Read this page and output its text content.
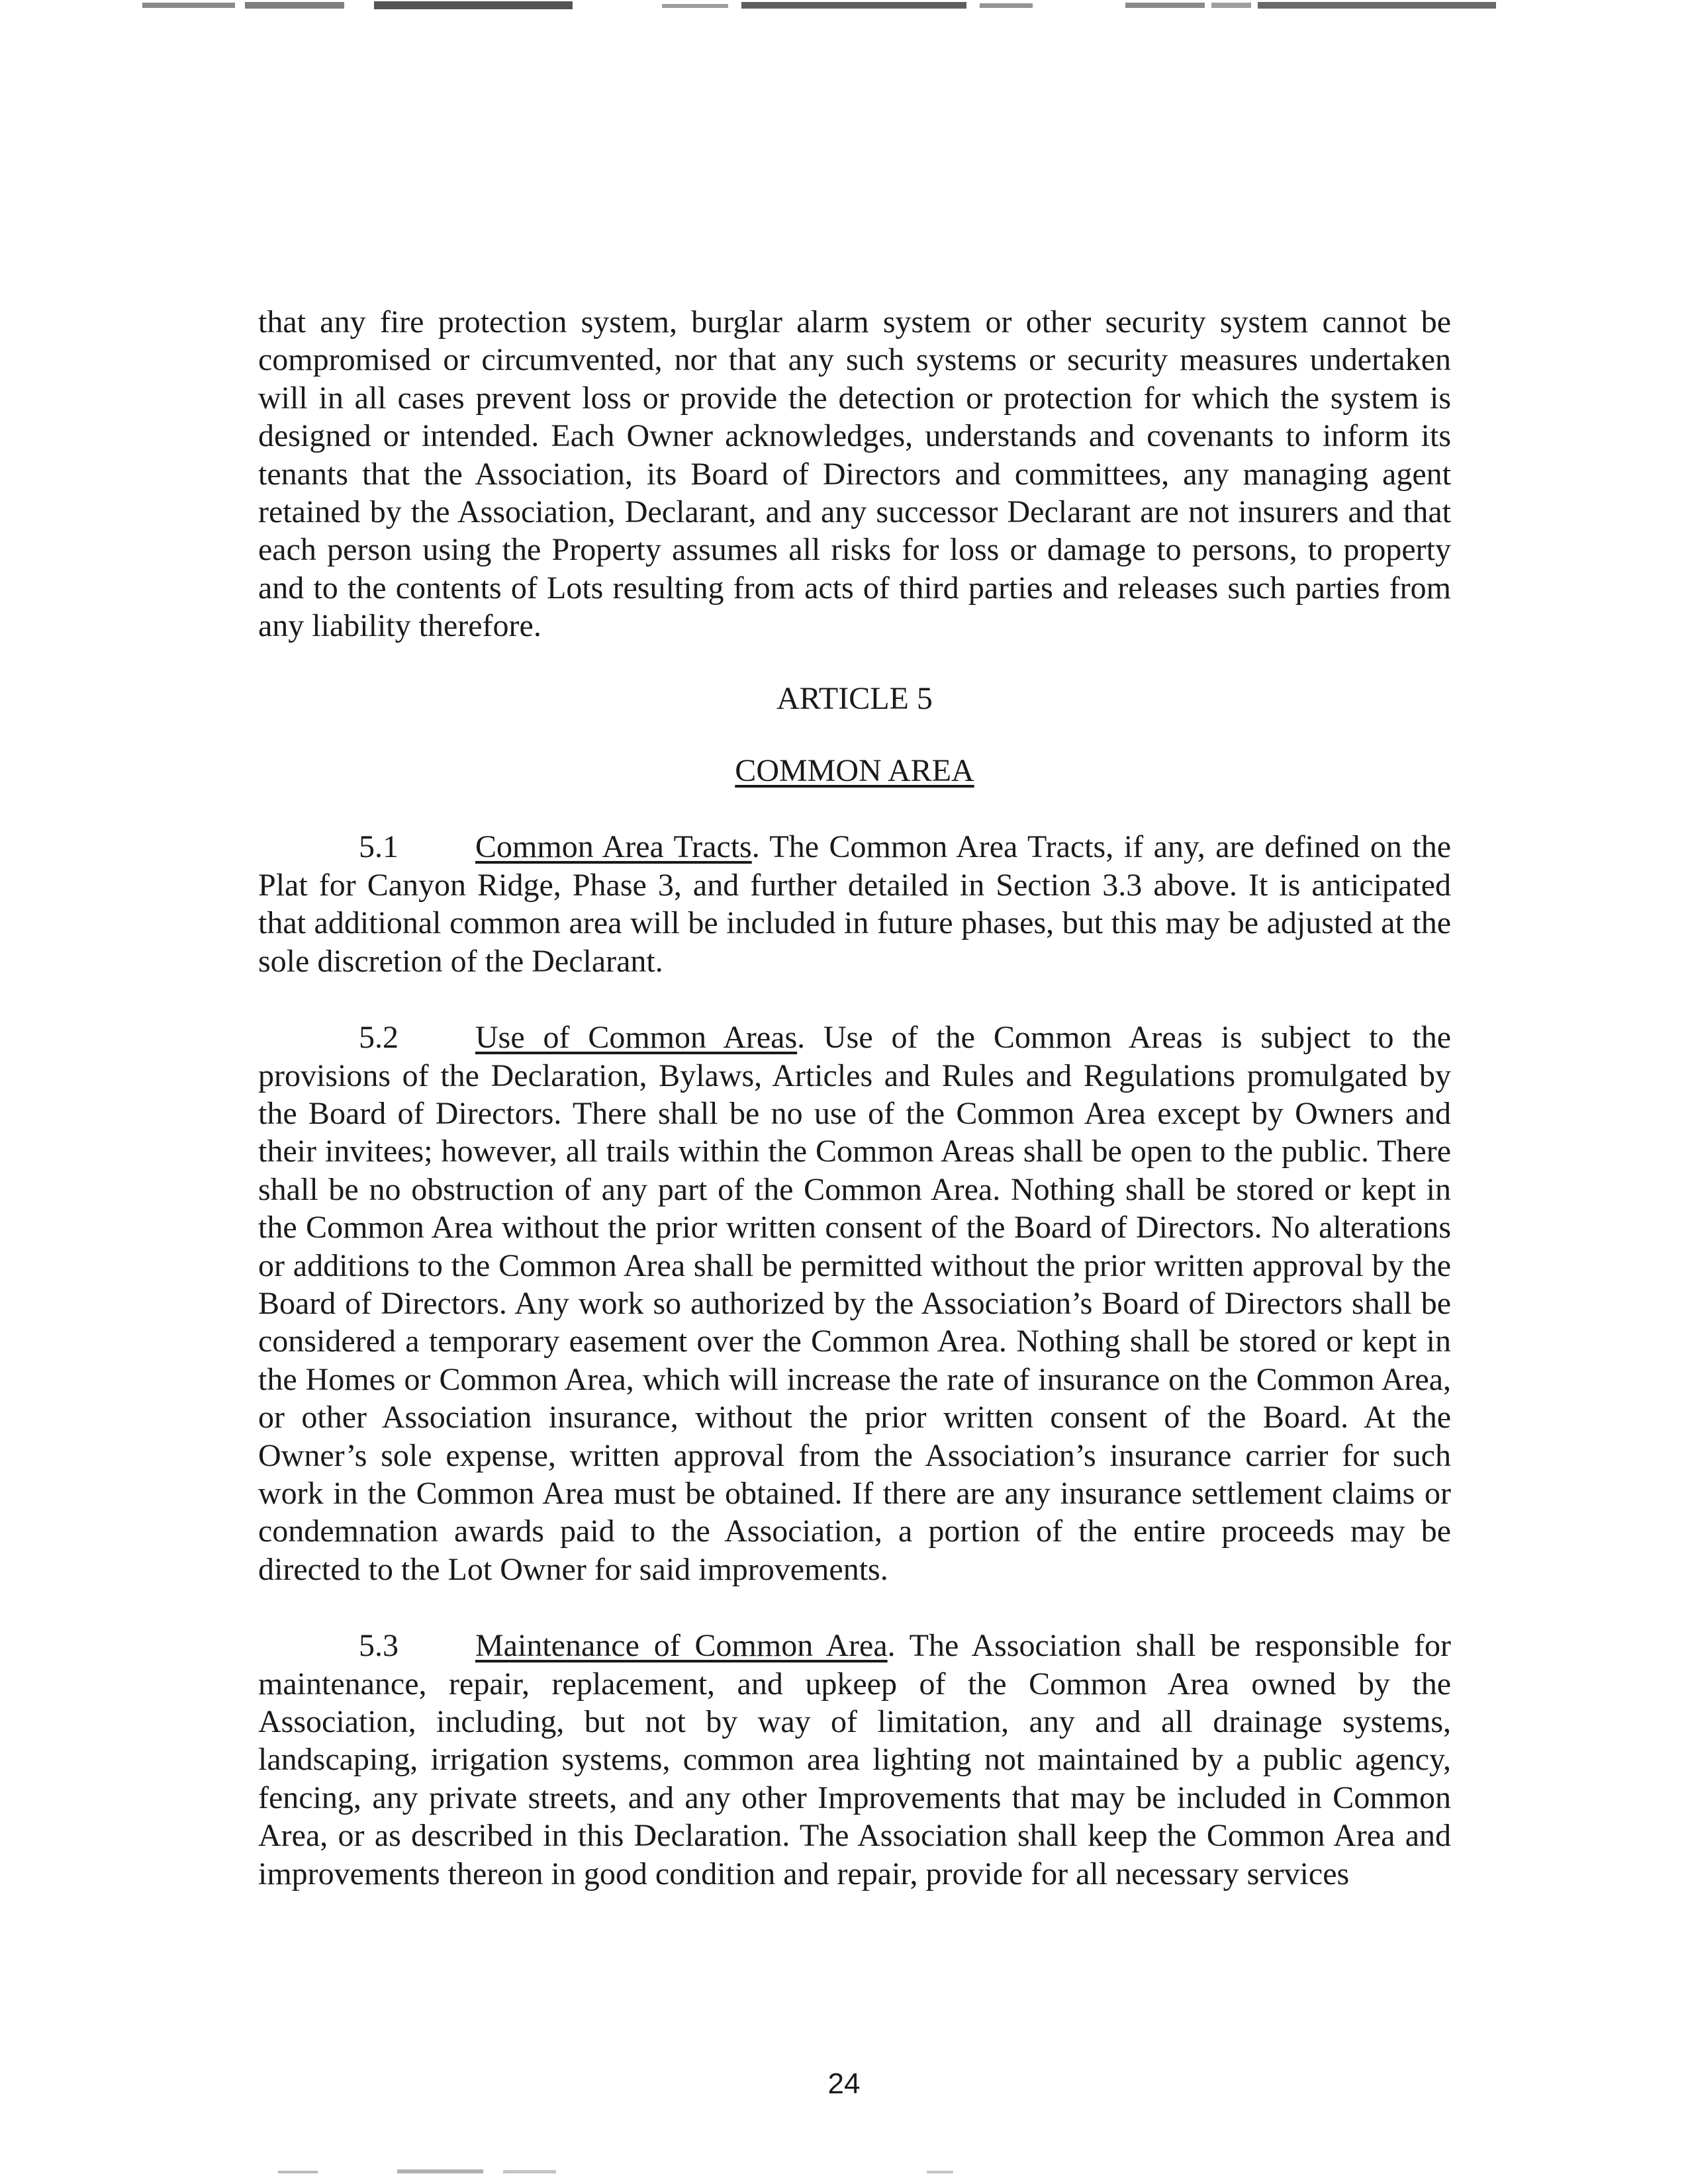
that any fire protection system, burglar alarm system or other security system cannot be compromised or circumvented, nor that any such systems or security measures undertaken will in all cases prevent loss or provide the detection or protection for which the system is designed or intended. Each Owner acknowledges, understands and covenants to inform its tenants that the Association, its Board of Directors and committees, any managing agent retained by the Association, Declarant, and any successor Declarant are not insurers and that each person using the Property assumes all risks for loss or damage to persons, to property and to the contents of Lots resulting from acts of third parties and releases such parties from any liability therefore.

ARTICLE 5
COMMON AREA

5.1 Common Area Tracts. The Common Area Tracts, if any, are defined on the Plat for Canyon Ridge, Phase 3, and further detailed in Section 3.3 above. It is anticipated that additional common area will be included in future phases, but this may be adjusted at the sole discretion of the Declarant.

5.2 Use of Common Areas. Use of the Common Areas is subject to the provisions of the Declaration, Bylaws, Articles and Rules and Regulations promulgated by the Board of Directors. There shall be no use of the Common Area except by Owners and their invitees; however, all trails within the Common Areas shall be open to the public. There shall be no obstruction of any part of the Common Area. Nothing shall be stored or kept in the Common Area without the prior written consent of the Board of Directors. No alterations or additions to the Common Area shall be permitted without the prior written approval by the Board of Directors. Any work so authorized by the Association’s Board of Directors shall be considered a temporary easement over the Common Area. Nothing shall be stored or kept in the Homes or Common Area, which will increase the rate of insurance on the Common Area, or other Association insurance, without the prior written consent of the Board. At the Owner’s sole expense, written approval from the Association’s insurance carrier for such work in the Common Area must be obtained. If there are any insurance settlement claims or condemnation awards paid to the Association, a portion of the entire proceeds may be directed to the Lot Owner for said improvements.

5.3 Maintenance of Common Area. The Association shall be responsible for maintenance, repair, replacement, and upkeep of the Common Area owned by the Association, including, but not by way of limitation, any and all drainage systems, landscaping, irrigation systems, common area lighting not maintained by a public agency, fencing, any private streets, and any other Improvements that may be included in Common Area, or as described in this Declaration. The Association shall keep the Common Area and improvements thereon in good condition and repair, provide for all necessary services

24
